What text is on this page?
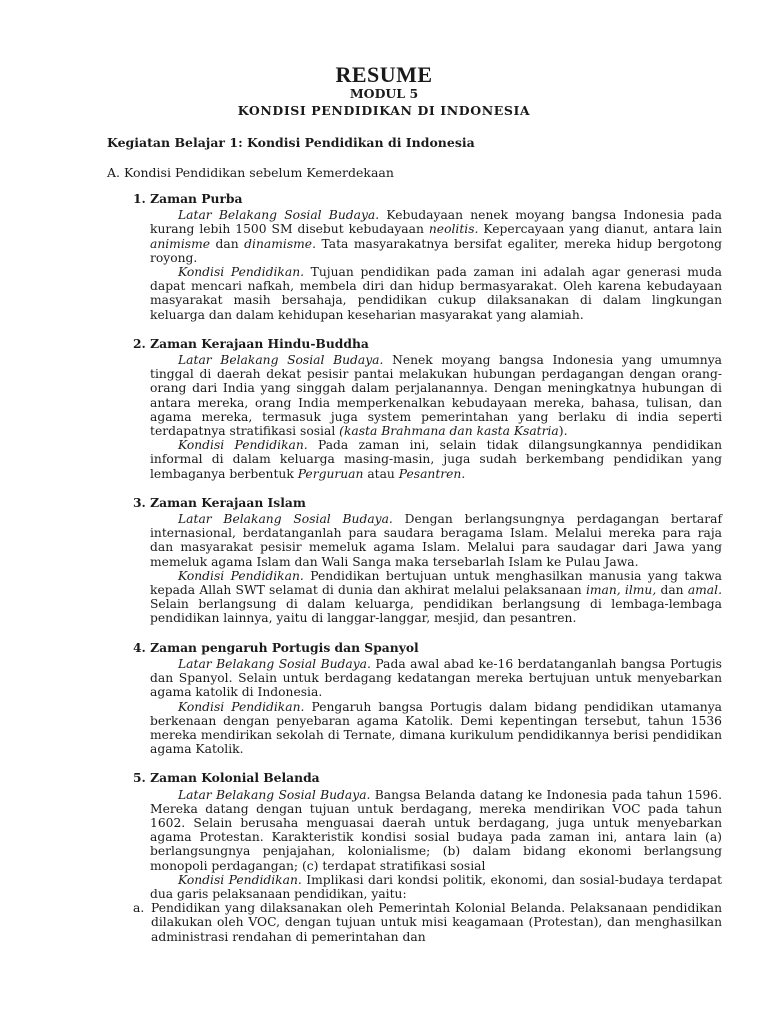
RESUME
MODUL 5
KONDISI PENDIDIKAN DI INDONESIA
Kegiatan Belajar 1: Kondisi Pendidikan di Indonesia
A. Kondisi Pendidikan sebelum Kemerdekaan
1. Zaman Purba

Latar Belakang Sosial Budaya. Kebudayaan nenek moyang bangsa Indonesia pada kurang lebih 1500 SM disebut kebudayaan neolitis. Kepercayaan yang dianut, antara lain animisme dan dinamisme. Tata masyarakatnya bersifat egaliter, mereka hidup bergotong royong.

Kondisi Pendidikan. Tujuan pendidikan pada zaman ini adalah agar generasi muda dapat mencari nafkah, membela diri dan hidup bermasyarakat. Oleh karena kebudayaan masyarakat masih bersahaja, pendidikan cukup dilaksanakan di dalam lingkungan keluarga dan dalam kehidupan keseharian masyarakat yang alamiah.

2. Zaman Kerajaan Hindu-Buddha

Latar Belakang Sosial Budaya. Nenek moyang bangsa Indonesia yang umumnya tinggal di daerah dekat pesisir pantai melakukan hubungan perdagangan dengan orang-orang dari India yang singgah dalam perjalanannya. Dengan meningkatnya hubungan di antara mereka, orang India memperkenalkan kebudayaan mereka, bahasa, tulisan, dan agama mereka, termasuk juga system pemerintahan yang berlaku di india seperti terdapatnya stratifikasi sosial (kasta Brahmana dan kasta Ksatria).

Kondisi Pendidikan. Pada zaman ini, selain tidak dilangsungkannya pendidikan informal di dalam keluarga masing-masin, juga sudah berkembang pendidikan yang lembaganya berbentuk Perguruan atau Pesantren.

3. Zaman Kerajaan Islam

Latar Belakang Sosial Budaya. Dengan berlangsungnya perdagangan bertaraf internasional, berdatanganlah para saudara beragama Islam. Melalui mereka para raja dan masyarakat pesisir memeluk agama Islam. Melalui para saudagar dari Jawa yang memeluk agama Islam dan Wali Sanga maka tersebarlah Islam ke Pulau Jawa.

Kondisi Pendidikan. Pendidikan bertujuan untuk menghasilkan manusia yang takwa kepada Allah SWT selamat di dunia dan akhirat melalui pelaksanaan iman, ilmu, dan amal. Selain berlangsung di dalam keluarga, pendidikan berlangsung di lembaga-lembaga pendidikan lainnya, yaitu di langgar-langgar, mesjid, dan pesantren.

4. Zaman pengaruh Portugis dan Spanyol

Latar Belakang Sosial Budaya. Pada awal abad ke-16 berdatanganlah bangsa Portugis dan Spanyol. Selain untuk berdagang kedatangan mereka bertujuan untuk menyebarkan agama katolik di Indonesia.

Kondisi Pendidikan. Pengaruh bangsa Portugis dalam bidang pendidikan utamanya berkenaan dengan penyebaran agama Katolik. Demi kepentingan tersebut, tahun 1536 mereka mendirikan sekolah di Ternate, dimana kurikulum pendidikannya berisi pendidikan agama Katolik.

5. Zaman Kolonial Belanda

Latar Belakang Sosial Budaya. Bangsa Belanda datang ke Indonesia pada tahun 1596. Mereka datang dengan tujuan untuk berdagang, mereka mendirikan VOC pada tahun 1602. Selain berusaha menguasai daerah untuk berdagang, juga untuk menyebarkan agama Protestan. Karakteristik kondisi sosial budaya pada zaman ini, antara lain (a) berlangsungnya penjajahan, kolonialisme; (b) dalam bidang ekonomi berlangsung monopoli perdagangan; (c) terdapat stratifikasi sosial

Kondisi Pendidikan. Implikasi dari kondsi politik, ekonomi, dan sosial-budaya terdapat dua garis pelaksanaan pendidikan, yaitu:

a. Pendidikan yang dilaksanakan oleh Pemerintah Kolonial Belanda. Pelaksanaan pendidikan dilakukan oleh VOC, dengan tujuan untuk misi keagamaan (Protestan), dan menghasilkan administrasi rendahan di pemerintahan dan
